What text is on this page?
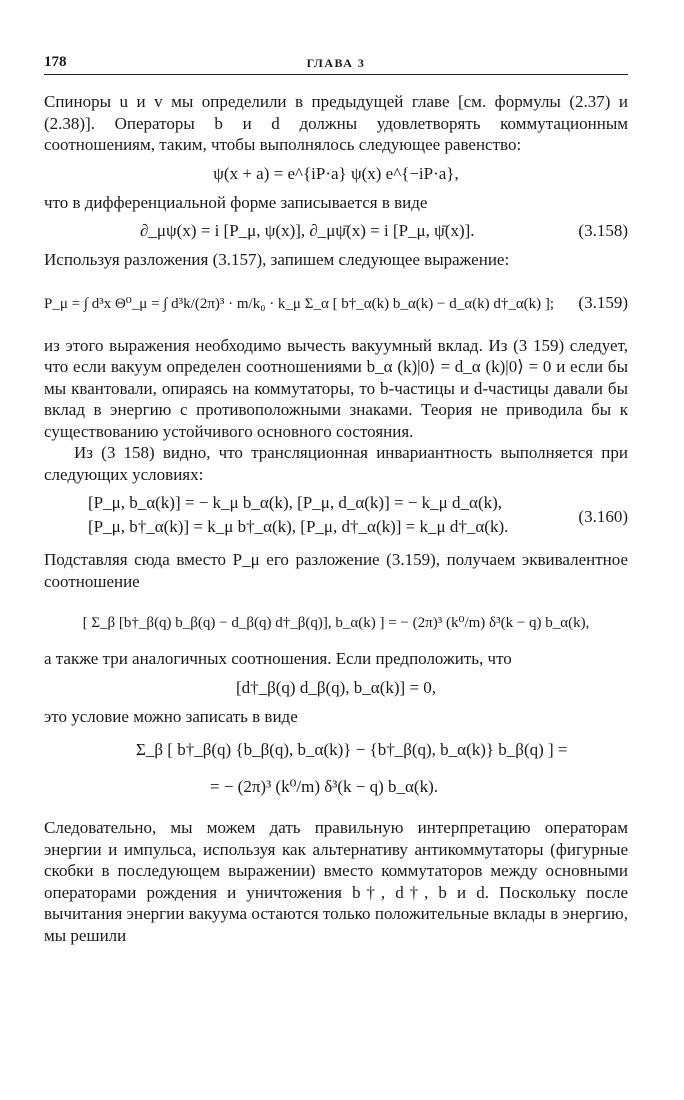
178	ГЛАВА 3

Спиноры u и v мы определили в предыдущей главе [см. формулы (2.37) и (2.38)]. Операторы b и d должны удовлетворять коммутационным соотношениям, таким, чтобы выполнялось следующее равенство:

ψ(x + a) = e^{iP·a} ψ(x) e^{−iP·a},

что в дифференциальной форме записывается в виде

∂_μψ(x) = i [P_μ, ψ(x)], ∂_μψ̄(x) = i [P_μ, ψ̄(x)].	(3.158)

Используя разложения (3.157), запишем следующее выражение:

P_μ = ∫ d³x Θ⁰_μ = ∫ d³k/(2π)³ · m/k₀ · k_μ Σ_α [ b†_α(k) b_α(k) − d_α(k) d†_α(k) ]; (3.159)

из этого выражения необходимо вычесть вакуумный вклад. Из (3 159) следует, что если вакуум определен соотношениями b_α (k)|0⟩ = d_α (k)|0⟩ = 0 и если бы мы квантовали, опираясь на коммутаторы, то b-частицы и d-частицы давали бы вклад в энергию с противоположными знаками. Теория не приводила бы к существованию устойчивого основного состояния.

Из (3 158) видно, что трансляционная инвариантность выполняется при следующих условиях:

[P_μ, b_α(k)] = − k_μ b_α(k), [P_μ, d_α(k)] = − k_μ d_α(k),
[P_μ, b†_α(k)] = k_μ b†_α(k), [P_μ, d†_α(k)] = k_μ d†_α(k).
(3.160)

Подставляя сюда вместо P_μ его разложение (3.159), получаем эквивалентное соотношение

[ Σ_β [b†_β(q) b_β(q) − d_β(q) d†_β(q)], b_α(k) ] = − (2π)³ (k⁰/m) δ³(k − q) b_α(k),

а также три аналогичных соотношения. Если предположить, что

[d†_β(q) d_β(q), b_α(k)] = 0,

это условие можно записать в виде

Σ_β [ b†_β(q) {b_β(q), b_α(k)} − {b†_β(q), b_α(k)} b_β(q) ] =
= − (2π)³ (k⁰/m) δ³(k − q) b_α(k).

Следовательно, мы можем дать правильную интерпретацию операторам энергии и импульса, используя как альтернативу антикоммутаторы (фигурные скобки в последующем выражении) вместо коммутаторов между основными операторами рождения и уничтожения b†, d†, b и d. Поскольку после вычитания энергии вакуума остаются только положительные вклады в энергию, мы решили
